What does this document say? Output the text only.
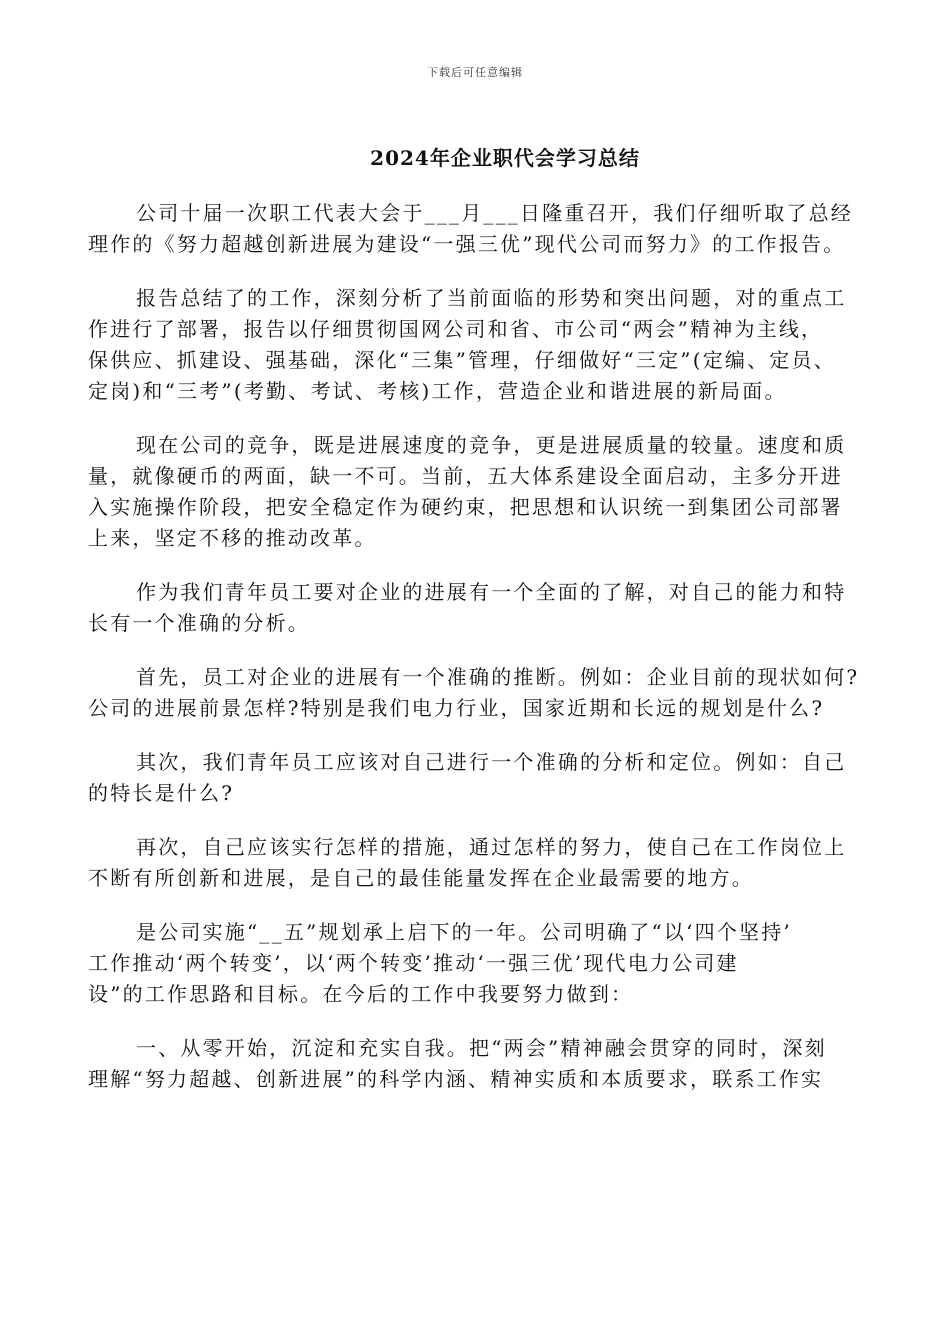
下载后可任意编辑
2024年企业职代会学习总结

公司十届一次职工代表大会于___月___日隆重召开，我们仔细听取了总经
理作的《努力超越创新进展为建设“一强三优”现代公司而努力》的工作报告。

报告总结了的工作，深刻分析了当前面临的形势和突出问题，对的重点工
作进行了部署，报告以仔细贯彻国网公司和省、市公司“两会”精神为主线，
保供应、抓建设、强基础，深化“三集”管理，仔细做好“三定”(定编、定员、
定岗)和“三考”(考勤、考试、考核)工作，营造企业和谐进展的新局面。

现在公司的竞争，既是进展速度的竞争，更是进展质量的较量。速度和质
量，就像硬币的两面，缺一不可。当前，五大体系建设全面启动，主多分开进
入实施操作阶段，把安全稳定作为硬约束，把思想和认识统一到集团公司部署
上来，坚定不移的推动改革。

作为我们青年员工要对企业的进展有一个全面的了解，对自己的能力和特
长有一个准确的分析。

首先，员工对企业的进展有一个准确的推断。例如：企业目前的现状如何?
公司的进展前景怎样?特别是我们电力行业，国家近期和长远的规划是什么?

其次，我们青年员工应该对自己进行一个准确的分析和定位。例如：自己
的特长是什么?

再次，自己应该实行怎样的措施，通过怎样的努力，使自己在工作岗位上
不断有所创新和进展，是自己的最佳能量发挥在企业最需要的地方。

是公司实施“__五”规划承上启下的一年。公司明确了“以‘四个坚持’
工作推动‘两个转变’，以‘两个转变’推动‘一强三优’现代电力公司建
设”的工作思路和目标。在今后的工作中我要努力做到：

一、从零开始，沉淀和充实自我。把“两会”精神融会贯穿的同时，深刻
理解“努力超越、创新进展”的科学内涵、精神实质和本质要求，联系工作实
